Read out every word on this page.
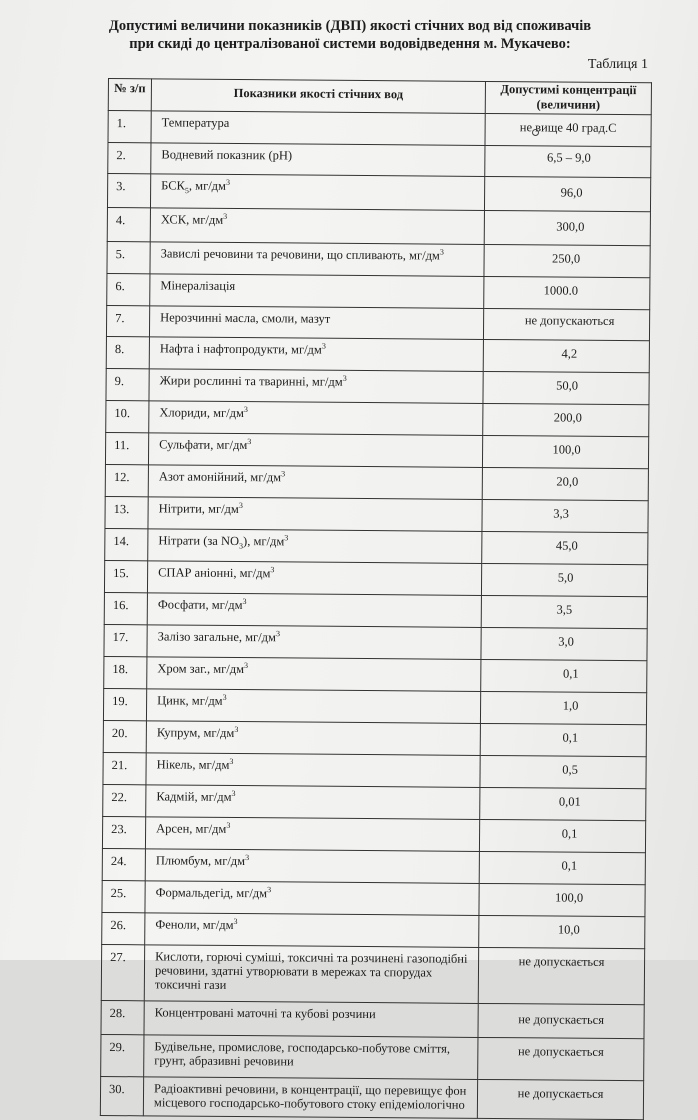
Допустимі величини показників (ДВП) якості стічних вод від споживачів
при скиді до централізованої системи водовідведення м. Мукачево:
Таблиця 1
№ з/п	Показники якості стічних вод	Допустимі концентрації (величини)

1.	Температура	не вище 40 град.С
2.	Водневий показник (рН)	6,5 – 9,0
3.	$БСК_5$, $мг/дм^3$	96,0
4.	ХСК, $мг/дм^3$	300,0
5.	Завислі речовини та речовини, що спливають, $мг/дм^3$	250,0
6.	Мінералізація	1000.0
7.	Нерозчинні масла, смоли, мазут	не допускаються
8.	Нафта і нафтопродукти, $мг/дм^3$	4,2
9.	Жири рослинні та тваринні, $мг/дм^3$	50,0
10.	Хлориди, $мг/дм^3$	200,0
11.	Сульфати, $мг/дм^3$	100,0
12.	Азот амонійний, $мг/дм^3$	20,0
13.	Нітрити, $мг/дм^3$	3,3
14.	Нітрати (за $NO_3$), $мг/дм^3$	45,0
15.	СПАР аніонні, $мг/дм^3$	5,0
16.	Фосфати, $мг/дм^3$	3,5
17.	Залізо загальне, $мг/дм^3$	3,0
18.	Хром заг., $мг/дм^3$	0,1
19.	Цинк, $мг/дм^3$	1,0
20.	Купрум, $мг/дм^3$	0,1
21.	Нікель, $мг/дм^3$	0,5
22.	Кадмій, $мг/дм^3$	0,01
23.	Арсен, $мг/дм^3$	0,1
24.	Плюмбум, $мг/дм^3$	0,1
25.	Формальдегід, $мг/дм^3$	100,0
26.	Феноли, $мг/дм^3$	10,0
27.	Кислоти, горючі суміші, токсичні та розчинені газоподібні речовини, здатні утворювати в мережах та спорудах токсичні гази	не допускається
28.	Концентровані маточні та кубові розчини	не допускається
29.	Будівельне, промислове, господарсько-побутове сміття, грунт, абразивні речовини	не допускається
30.	Радіоактивні речовини, в концентрації, що перевищує фон місцевого господарсько-побутового стоку епідеміологічно	не допускається
